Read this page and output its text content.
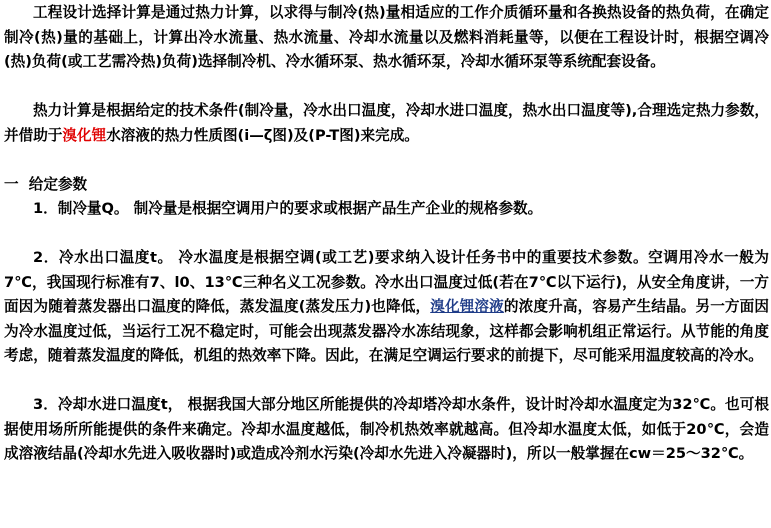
工程设计选择计算是通过热力计算，以求得与制冷(热)量相适应的工作介质循环量和各换热设备的热负荷，在确定制冷(热)量的基础上，计算出冷水流量、热水流量、冷却水流量以及燃料消耗量等，以便在工程设计时，根据空调冷(热)负荷(或工艺需冷热)负荷)选择制冷机、冷水循环泵、热水循环泵，冷却水循环泵等系统配套设备。

热力计算是根据给定的技术条件(制冷量，冷水出口温度，冷却水进口温度，热水出口温度等),合理选定热力参数，并借助于溴化锂水溶液的热力性质图(i—ζ图)及(P-T图)来完成。

一  给定参数

1．制冷量Q。 制冷量是根据空调用户的要求或根据产品生产企业的规格参数。

2．冷水出口温度t。 冷水温度是根据空调(或工艺)要求纳入设计任务书中的重要技术参数。空调用冷水一般为7℃，我国现行标准有7、l0、13℃三种名义工况参数。冷水出口温度过低(若在7℃以下运行)，从安全角度讲，一方面因为随着蒸发器出口温度的降低，蒸发温度(蒸发压力)也降低，溴化锂溶液的浓度升高，容易产生结晶。另一方面因为冷水温度过低，当运行工况不稳定时，可能会出现蒸发器冷水冻结现象，这样都会影响机组正常运行。从节能的角度考虑，随着蒸发温度的降低，机组的热效率下降。因此，在满足空调运行要求的前提下，尽可能采用温度较高的冷水。

3．冷却水进口温度t， 根据我国大部分地区所能提供的冷却塔冷却水条件，设计时冷却水温度定为32℃。也可根据使用场所所能提供的条件来确定。冷却水温度越低，制冷机热效率就越高。但冷却水温度太低，如低于20℃，会造成溶液结晶(冷却水先进入吸收器时)或造成冷剂水污染(冷却水先进入冷凝器时)，所以一般掌握在cw＝25～32℃。
